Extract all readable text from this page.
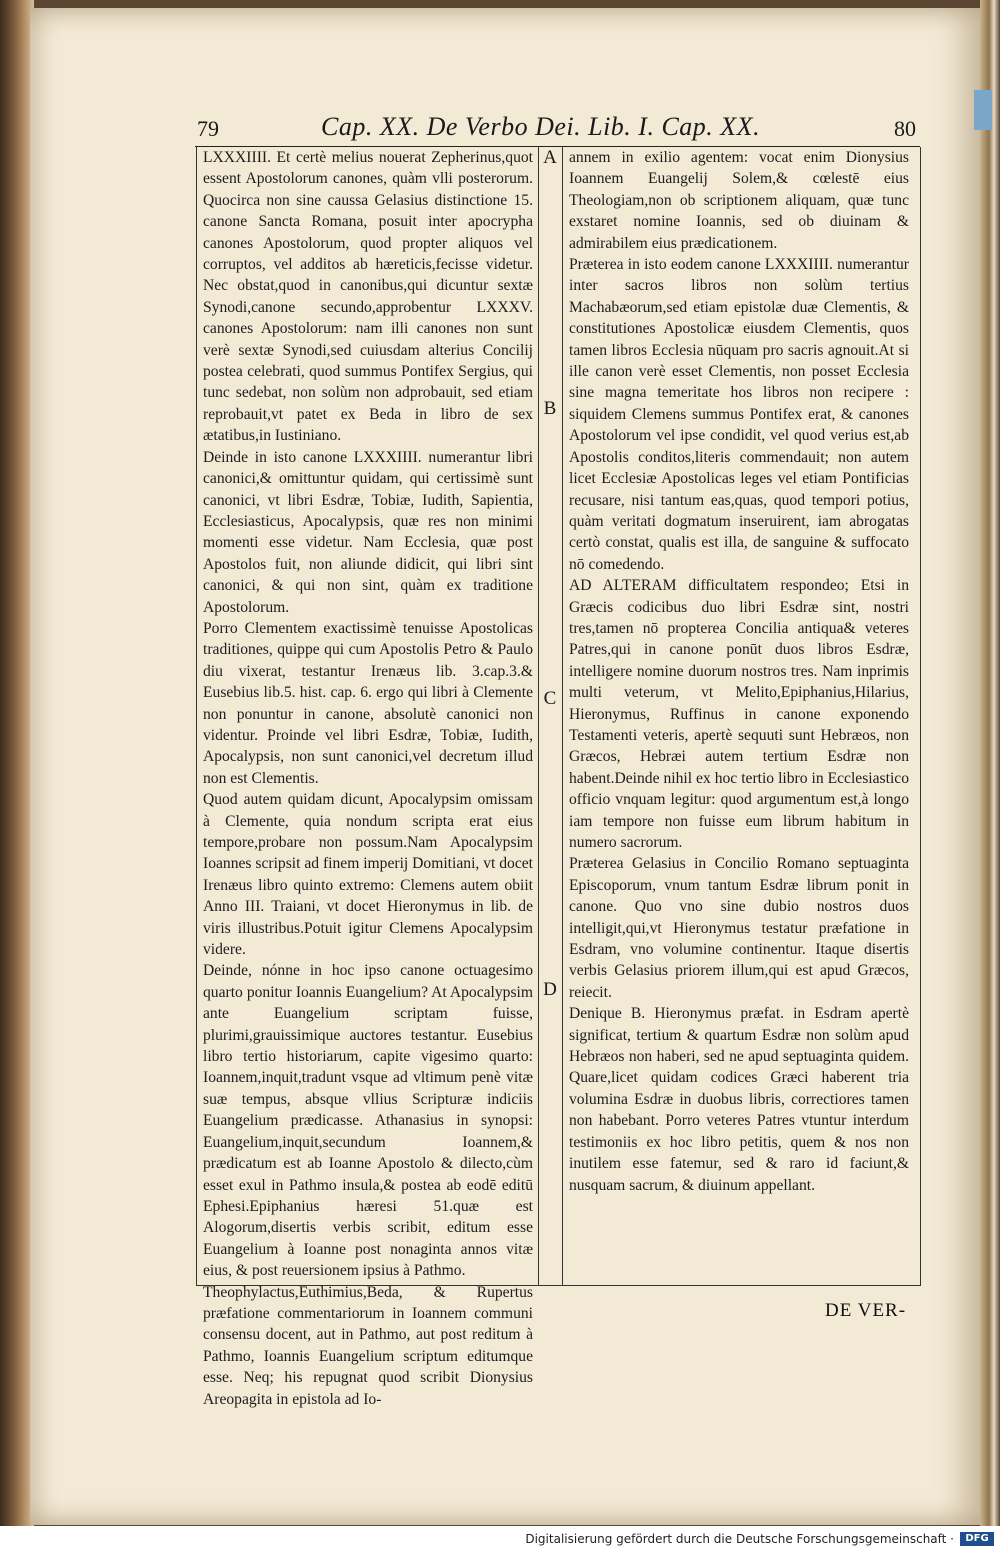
79	Cap. XX. De Verbo Dei. Lib. I. Cap. XX.	80

LXXXIIII. Et certè melius nouerat Zepherinus,quot essent Apostolorum canones, quàm vlli posterorum. Quocirca non sine caussa Gelasius distinctione 15. canone Sancta Romana, posuit inter apocrypha canones Apostolorum, quod propter aliquos vel corruptos, vel additos ab hæreticis,fecisse videtur. Nec obstat,quod in canonibus,qui dicuntur sextæ Synodi,canone secundo,approbentur LXXXV. canones Apostolorum: nam illi canones non sunt verè sextæ Synodi,sed cuiusdam alterius Concilij postea celebrati, quod summus Pontifex Sergius, qui tunc sedebat, non solùm non adprobauit, sed etiam reprobauit,vt patet ex Beda in libro de sex ætatibus,in Iustiniano.

Deinde in isto canone LXXXIIII. numerantur libri canonici,& omittuntur quidam, qui certissimè sunt canonici, vt libri Esdræ, Tobiæ, Iudith, Sapientia, Ecclesiasticus, Apocalypsis, quæ res non minimi momenti esse videtur. Nam Ecclesia, quæ post Apostolos fuit, non aliunde didicit, qui libri sint canonici, & qui non sint, quàm ex traditione Apostolorum.

Porro Clementem exactissimè tenuisse Apostolicas traditiones, quippe qui cum Apostolis Petro & Paulo diu vixerat, testantur Irenæus lib. 3.cap.3.& Eusebius lib.5. hist. cap. 6. ergo qui libri à Clemente non ponuntur in canone, absolutè canonici non videntur. Proinde vel libri Esdræ, Tobiæ, Iudith, Apocalypsis, non sunt canonici,vel decretum illud non est Clementis.

Quod autem quidam dicunt, Apocalypsim omissam à Clemente, quia nondum scripta erat eius tempore,probare non possum.Nam Apocalypsim Ioannes scripsit ad finem imperij Domitiani, vt docet Irenæus libro quinto extremo: Clemens autem obiit Anno III. Traiani, vt docet Hieronymus in lib. de viris illustribus.Potuit igitur Clemens Apocalypsim videre.

Deinde, nónne in hoc ipso canone octuagesimo quarto ponitur Ioannis Euangelium? At Apocalypsim ante Euangelium scriptam fuisse, plurimi,grauissimique auctores testantur. Eusebius libro tertio historiarum, capite vigesimo quarto: Ioannem,inquit,tradunt vsque ad vltimum penè vitæ suæ tempus, absque vllius Scripturæ indiciis Euangelium prædicasse. Athanasius in synopsi: Euangelium,inquit,secundum Ioannem,& prædicatum est ab Ioanne Apostolo & dilecto,cùm esset exul in Pathmo insula,& postea ab eodē editū Ephesi.Epiphanius hæresi 51.quæ est Alogorum,disertis verbis scribit, editum esse Euangelium à Ioanne post nonaginta annos vitæ eius, & post reuersionem ipsius à Pathmo.

Theophylactus,Euthimius,Beda, & Rupertus præfatione commentariorum in Ioannem communi consensu docent, aut in Pathmo, aut post reditum à Pathmo, Ioannis Euangelium scriptum editumque esse. Neq; his repugnat quod scribit Dionysius Areopagita in epistola ad Io-

A
B
C
D

annem in exilio agentem: vocat enim Dionysius Ioannem Euangelij Solem,& cœlestē eius Theologiam,non ob scriptionem aliquam, quæ tunc exstaret nomine Ioannis, sed ob diuinam & admirabilem eius prædicationem.

Præterea in isto eodem canone LXXXIIII. numerantur inter sacros libros non solùm tertius Machabæorum,sed etiam epistolæ duæ Clementis, & constitutiones Apostolicæ eiusdem Clementis, quos tamen libros Ecclesia nūquam pro sacris agnouit.At si ille canon verè esset Clementis, non posset Ecclesia sine magna temeritate hos libros non recipere : siquidem Clemens summus Pontifex erat, & canones Apostolorum vel ipse condidit, vel quod verius est,ab Apostolis conditos,literis commendauit; non autem licet Ecclesiæ Apostolicas leges vel etiam Pontificias recusare, nisi tantum eas,quas, quod tempori potius, quàm veritati dogmatum inseruirent, iam abrogatas certò constat, qualis est illa, de sanguine & suffocato nō comedendo.

AD ALTERAM difficultatem respondeo; Etsi in Græcis codicibus duo libri Esdræ sint, nostri tres,tamen nō propterea Concilia antiqua& veteres Patres,qui in canone ponūt duos libros Esdræ, intelligere nomine duorum nostros tres. Nam inprimis multi veterum, vt Melito,Epiphanius,Hilarius, Hieronymus, Ruffinus in canone exponendo Testamenti veteris, apertè sequuti sunt Hebræos, non Græcos, Hebræi autem tertium Esdræ non habent.Deinde nihil ex hoc tertio libro in Ecclesiastico officio vnquam legitur: quod argumentum est,à longo iam tempore non fuisse eum librum habitum in numero sacrorum.

Præterea Gelasius in Concilio Romano septuaginta Episcoporum, vnum tantum Esdræ librum ponit in canone. Quo vno sine dubio nostros duos intelligit,qui,vt Hieronymus testatur præfatione in Esdram, vno volumine continentur. Itaque disertis verbis Gelasius priorem illum,qui est apud Græcos, reiecit.

Denique B. Hieronymus præfat. in Esdram apertè significat, tertium & quartum Esdræ non solùm apud Hebræos non haberi, sed ne apud septuaginta quidem. Quare,licet quidam codices Græci haberent tria volumina Esdræ in duobus libris, correctiores tamen non habebant. Porro veteres Patres vtuntur interdum testimoniis ex hoc libro petitis, quem & nos non inutilem esse fatemur, sed & raro id faciunt,& nusquam sacrum, & diuinum appellant.

DE VER-
Digitalisierung gefördert durch die Deutsche Forschungsgemeinschaft ·	DFG
